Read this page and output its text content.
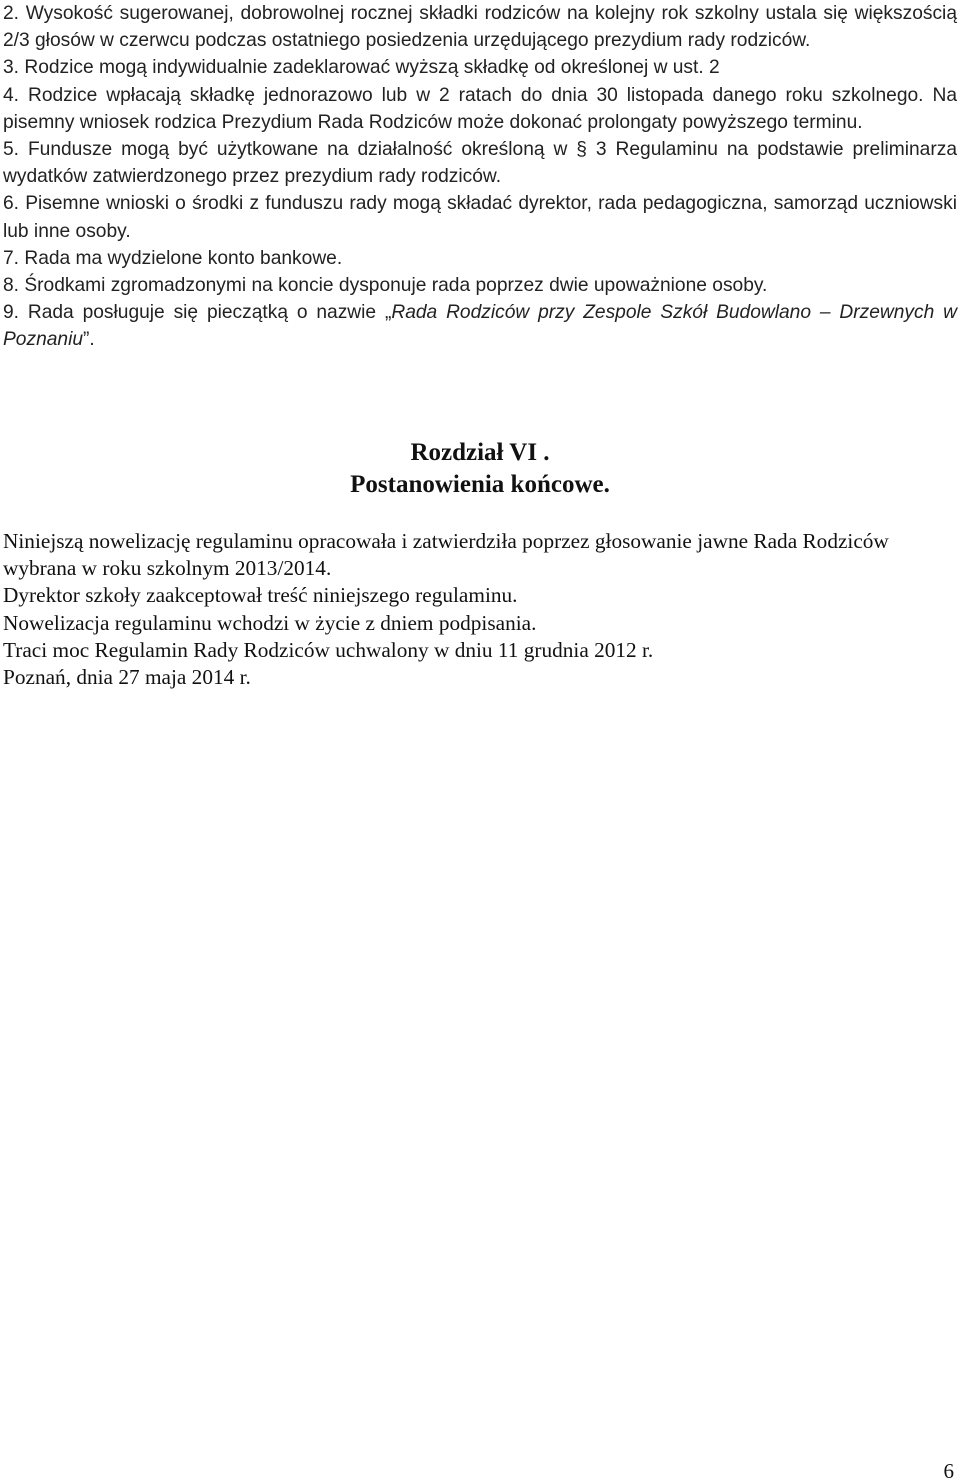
2. Wysokość sugerowanej, dobrowolnej rocznej składki rodziców na kolejny rok szkolny ustala się większością 2/3 głosów w czerwcu podczas ostatniego posiedzenia urzędującego prezydium rady rodziców.
3. Rodzice mogą indywidualnie zadeklarować wyższą składkę od określonej w ust. 2
4. Rodzice wpłacają składkę jednorazowo lub w 2 ratach do dnia 30 listopada danego roku szkolnego. Na pisemny wniosek rodzica Prezydium Rada Rodziców może dokonać prolongaty powyższego terminu.
5. Fundusze mogą być użytkowane na działalność określoną w § 3 Regulaminu na podstawie preliminarza wydatków zatwierdzonego przez prezydium rady rodziców.
6. Pisemne wnioski o środki z funduszu rady mogą składać dyrektor, rada pedagogiczna, samorząd uczniowski lub inne osoby.
7. Rada ma wydzielone konto bankowe.
8. Środkami zgromadzonymi na koncie dysponuje rada poprzez dwie upoważnione osoby.
9. Rada posługuje się pieczątką o nazwie „Rada Rodziców przy Zespole Szkół Budowlano – Drzewnych w Poznaniu”.
Rozdział VI .
Postanowienia końcowe.
Niniejszą nowelizację regulaminu opracowała i zatwierdziła poprzez głosowanie jawne Rada Rodziców wybrana w roku szkolnym 2013/2014.
Dyrektor szkoły zaakceptował treść niniejszego regulaminu.
Nowelizacja regulaminu wchodzi w życie z dniem podpisania.
Traci moc Regulamin Rady Rodziców uchwalony w dniu 11 grudnia 2012 r.
Poznań, dnia 27 maja 2014 r.
6
